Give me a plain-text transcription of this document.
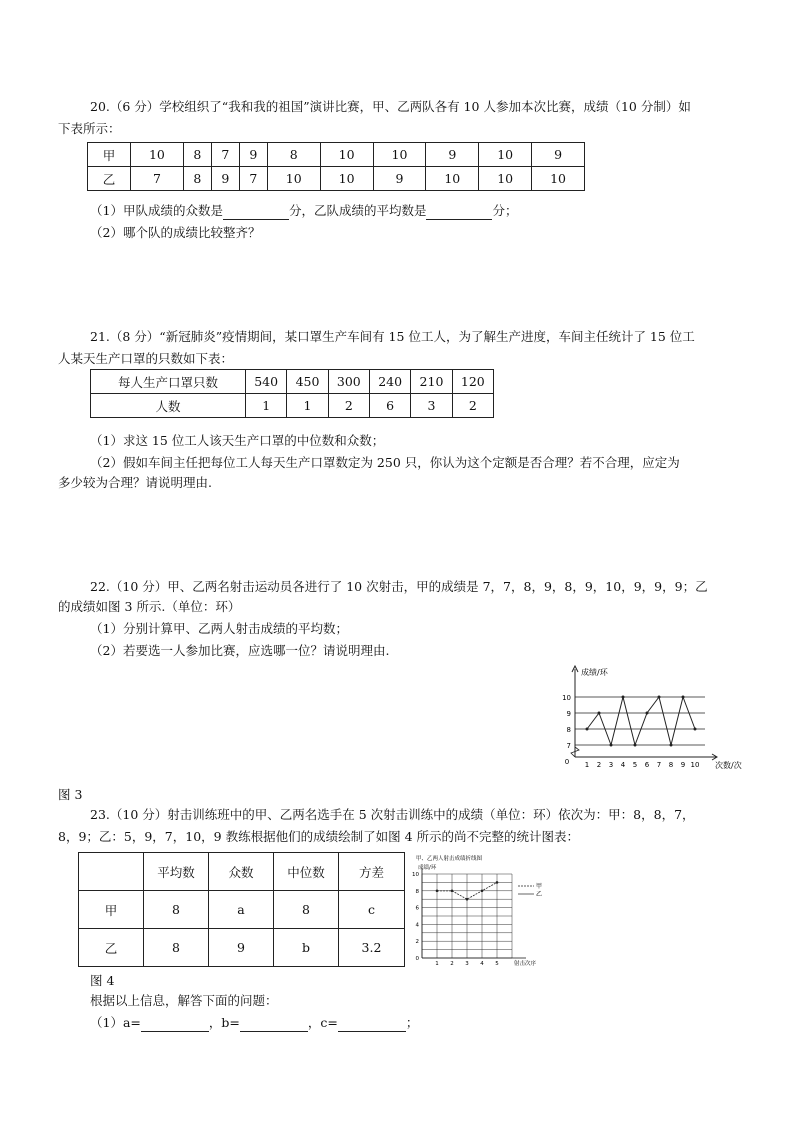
20.（6 分）学校组织了“我和我的祖国”演讲比赛，甲、乙两队各有 10 人参加本次比赛，成绩（10 分制）如
下表所示：
甲	10	8	7	9	8	10	10	9	10	9
乙	7	8	9	7	10	10	9	10	10	10
（1）甲队成绩的众数是	分，乙队成绩的平均数是	分；
（2）哪个队的成绩比较整齐？
21.（8 分）“新冠肺炎”疫情期间，某口罩生产车间有 15 位工人，为了解生产进度，车间主任统计了 15 位工
人某天生产口罩的只数如下表：
每人生产口罩只数	540	450	300	240	210	120
人数	1	1	2	6	3	2
（1）求这 15 位工人该天生产口罩的中位数和众数；
（2）假如车间主任把每位工人每天生产口罩数定为 250 只，你认为这个定额是否合理？若不合理，应定为
多少较为合理？请说明理由.
22.（10 分）甲、乙两名射击运动员各进行了 10 次射击，甲的成绩是 7，7，8，9，8，9，10，9，9，9；乙
的成绩如图 3 所示.（单位：环）
（1）分别计算甲、乙两人射击成绩的平均数；
（2）若要选一人参加比赛，应选哪一位？请说明理由.
7
8
9
10
1 2 3 4 5 6 7 8 9 10
0
成绩/环
次数/次
图 3
23.（10 分）射击训练班中的甲、乙两名选手在 5 次射击训练中的成绩（单位：环）依次为：甲：8，8，7，
8，9；乙：5，9，7，10，9 教练根据他们的成绩绘制了如图 4 所示的尚不完整的统计图表：
	平均数	众数	中位数	方差
甲	8	a	8	c
乙	8	9	b	3.2
甲、乙两人射击成绩折线图
成绩/环
0
2
4
6
8
10
1 2 3 4 5	射击次序
甲
乙
图 4
根据以上信息，解答下面的问题：
（1）a=	，b=	，c=	；
